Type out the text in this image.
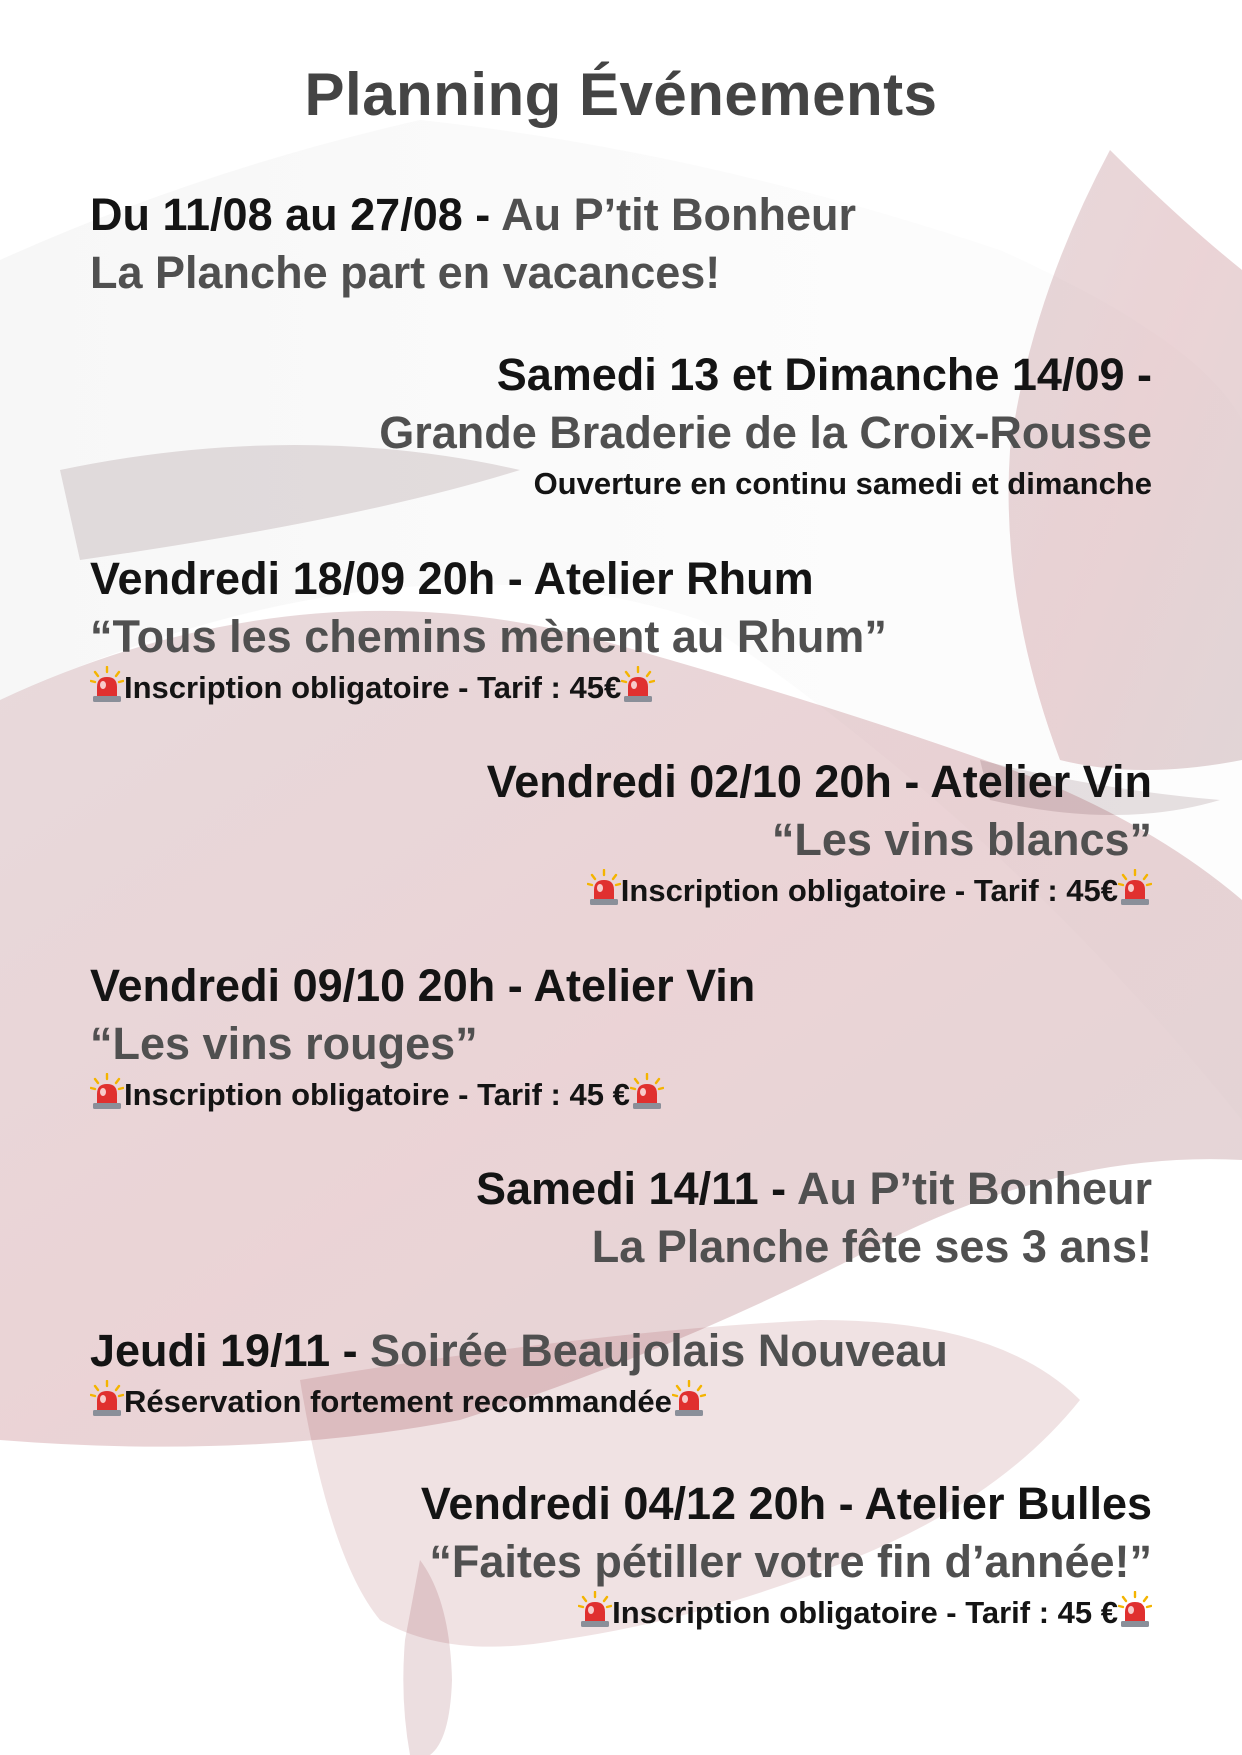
Planning Événements
Du 11/08 au 27/08 - Au P’tit Bonheur
La Planche part en vacances!
Samedi 13 et Dimanche 14/09 -
Grande Braderie de la Croix-Rousse
Ouverture en continu samedi et dimanche
Vendredi 18/09 20h - Atelier Rhum
“Tous les chemins mènent au Rhum”
Inscription obligatoire - Tarif : 45€
Vendredi 02/10 20h - Atelier Vin
“Les vins blancs”
Inscription obligatoire - Tarif : 45€
Vendredi 09/10 20h - Atelier Vin
“Les vins rouges”
Inscription obligatoire - Tarif : 45 €
Samedi 14/11 - Au P’tit Bonheur
La Planche fête ses 3 ans!
Jeudi 19/11 - Soirée Beaujolais Nouveau
Réservation fortement recommandée
Vendredi 04/12 20h - Atelier Bulles
“Faites pétiller votre fin d’année!”
Inscription obligatoire - Tarif : 45 €
